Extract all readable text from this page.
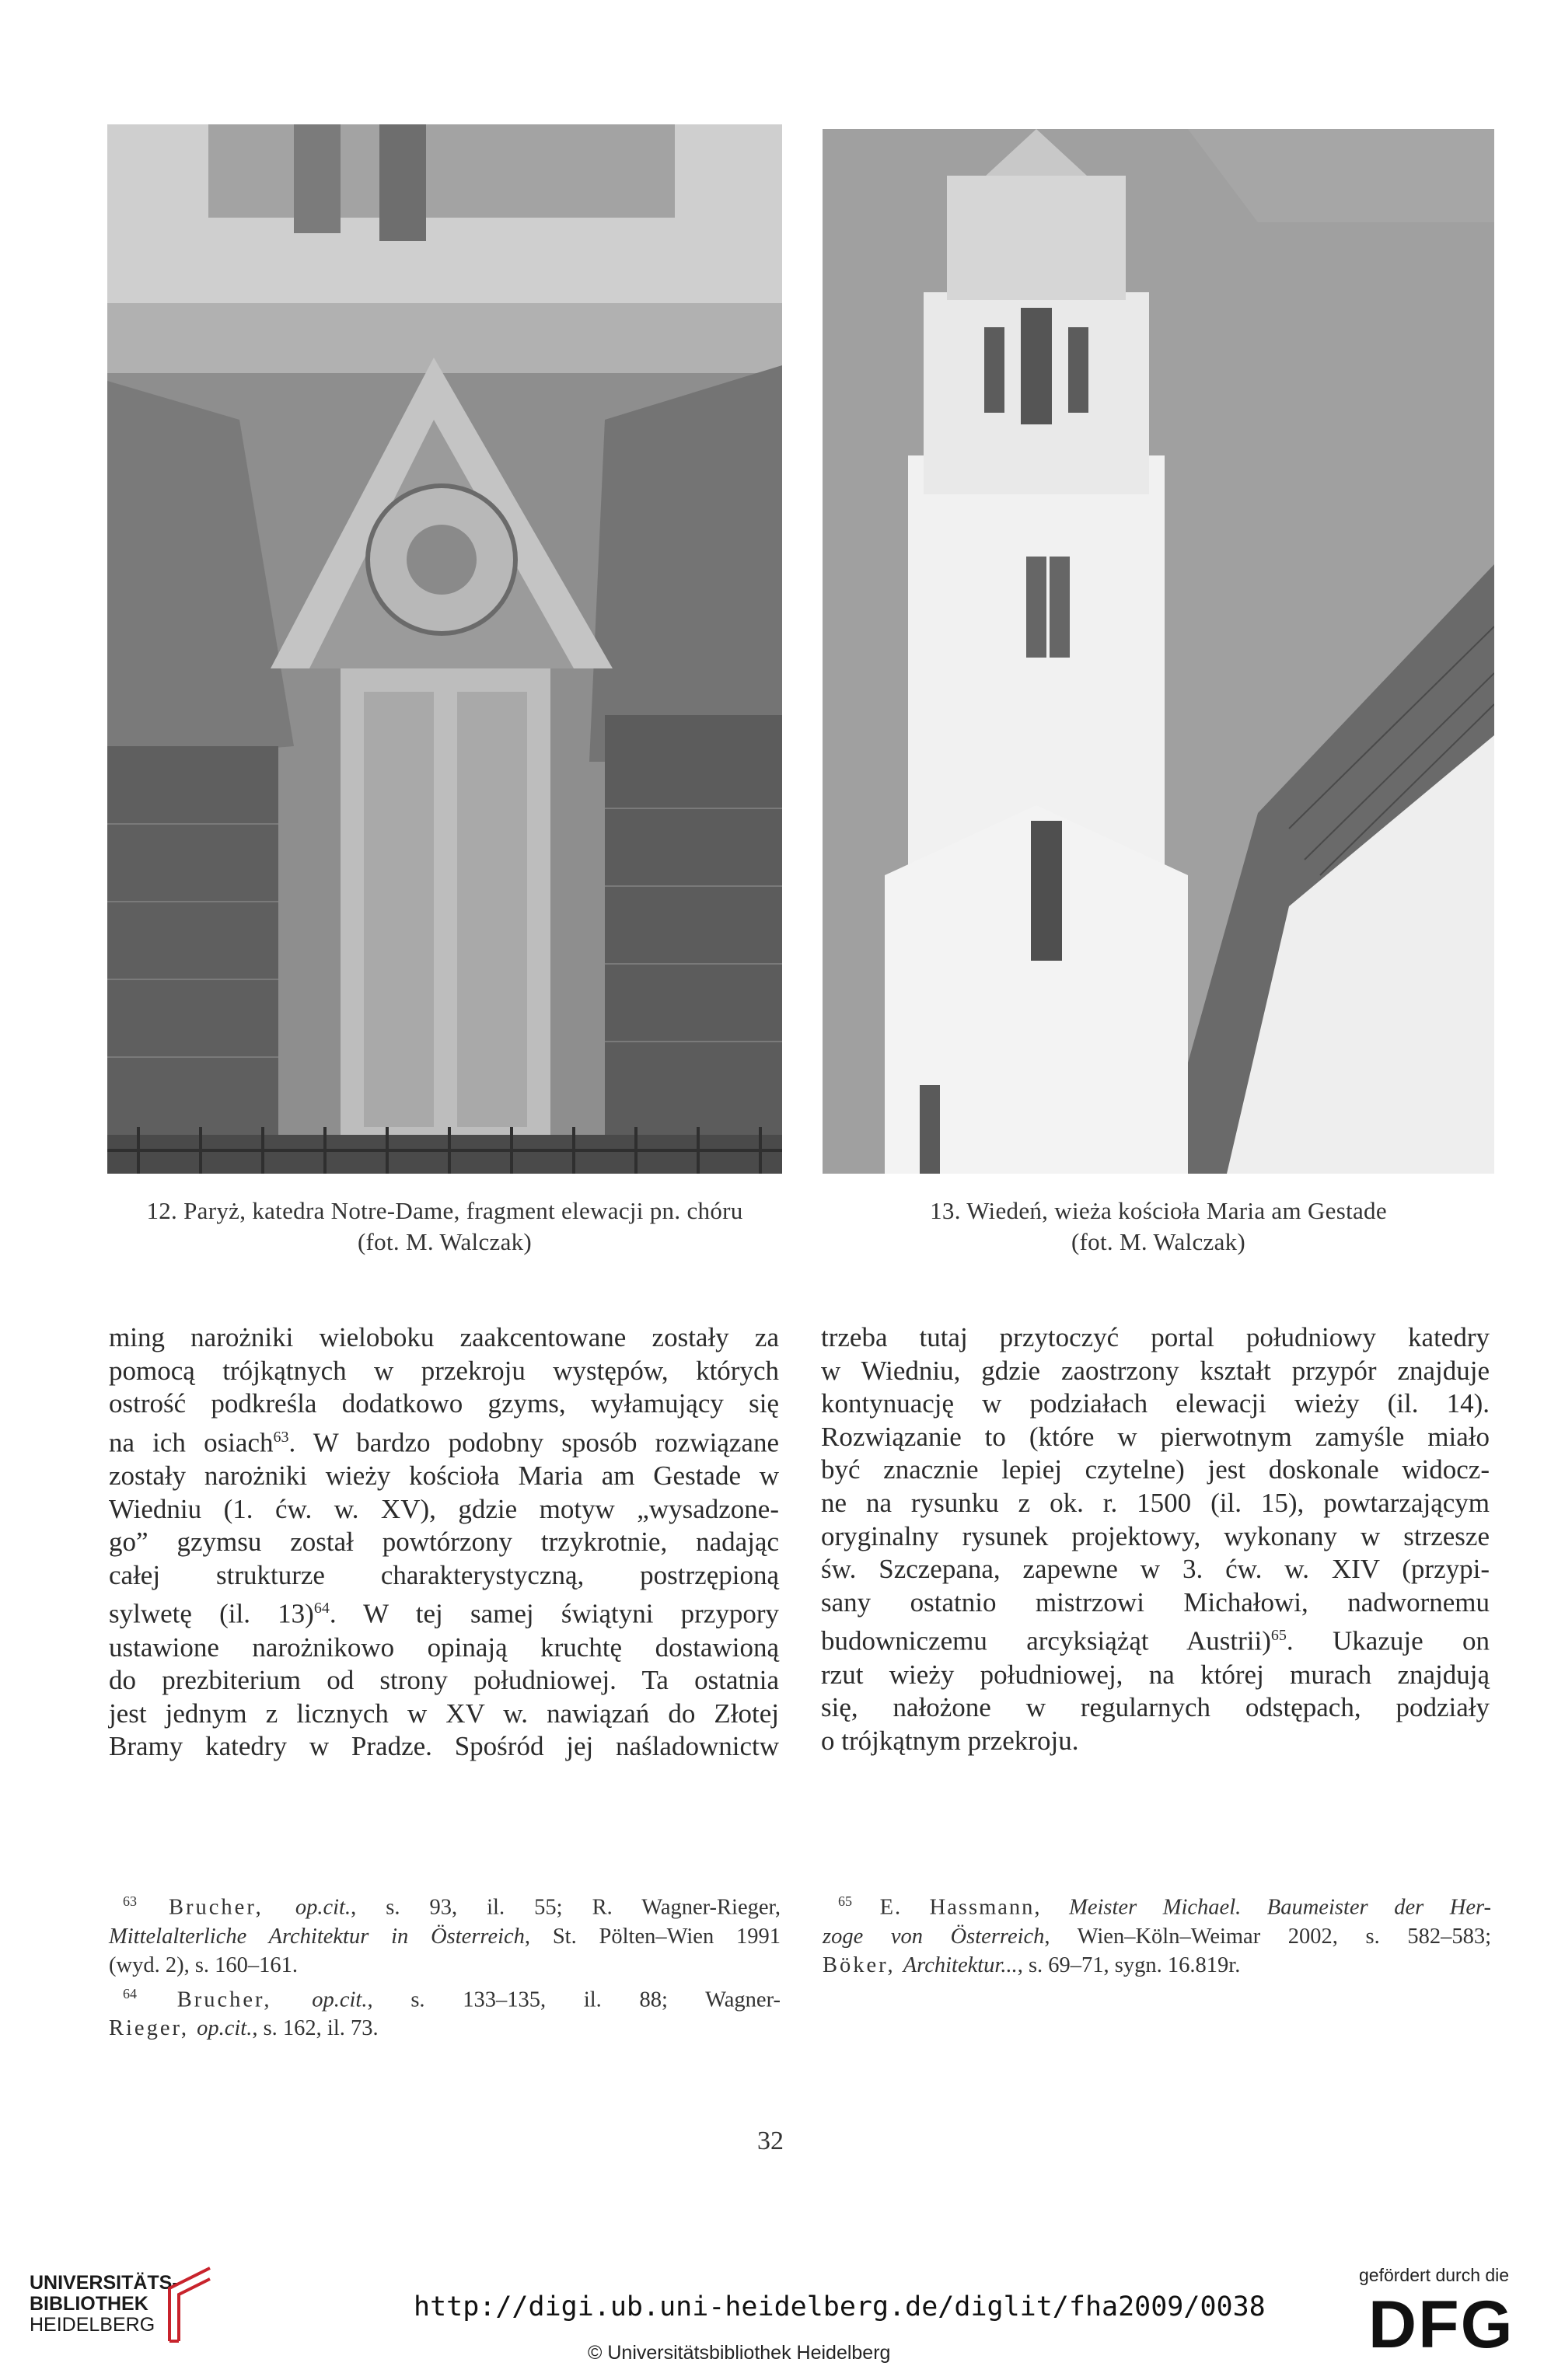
12. Paryż, katedra Notre-Dame, fragment elewacji pn. chóru
(fot. M. Walczak)
13. Wiedeń, wieża kościoła Maria am Gestade
(fot. M. Walczak)
ming narożniki wieloboku zaakcentowane zostały za
pomocą trójkątnych w przekroju występów, których
ostrość podkreśla dodatkowo gzyms, wyłamujący się
na ich osiach$^{63}$. W bardzo podobny sposób rozwiązane
zostały narożniki wieży kościoła Maria am Gestade w
Wiedniu (1. ćw. w. XV), gdzie motyw „wysadzone-
go” gzymsu został powtórzony trzykrotnie, nadając
całej strukturze charakterystyczną, postrzępioną
sylwetę (il. 13)$^{64}$. W tej samej świątyni przypory
ustawione narożnikowo opinają kruchtę dostawioną
do prezbiterium od strony południowej. Ta ostatnia
jest jednym z licznych w XV w. nawiązań do Złotej
Bramy katedry w Pradze. Spośród jej naśladownictw
trzeba tutaj przytoczyć portal południowy katedry
w Wiedniu, gdzie zaostrzony kształt przypór znajduje
kontynuację w podziałach elewacji wieży (il. 14).
Rozwiązanie to (które w pierwotnym zamyśle miało
być znacznie lepiej czytelne) jest doskonale widocz-
ne na rysunku z ok. r. 1500 (il. 15), powtarzającym
oryginalny rysunek projektowy, wykonany w strzesze
św. Szczepana, zapewne w 3. ćw. w. XIV (przypi-
sany ostatnio mistrzowi Michałowi, nadwornemu
budowniczemu arcyksiążąt Austrii)$^{65}$. Ukazuje on
rzut wieży południowej, na której murach znajdują
się, nałożone w regularnych odstępach, podziały
o trójkątnym przekroju.
$^{63}$ Brucher, op.cit., s. 93, il. 55; R. Wagner-Rieger,
Mittelalterliche Architektur in Österreich, St. Pölten–Wien 1991
(wyd. 2), s. 160–161.
$^{64}$ Brucher, op.cit., s. 133–135, il. 88; Wagner-
Rieger, op.cit., s. 162, il. 73.
$^{65}$ E. Hassmann, Meister Michael. Baumeister der Her-
zoge von Österreich, Wien–Köln–Weimar 2002, s. 582–583;
Böker, Architektur..., s. 69–71, sygn. 16.819r.
32
UNIVERSITÄTS-
BIBLIOTHEK
HEIDELBERG
http://digi.ub.uni-heidelberg.de/diglit/fha2009/0038
© Universitätsbibliothek Heidelberg
gefördert durch die
DFG
